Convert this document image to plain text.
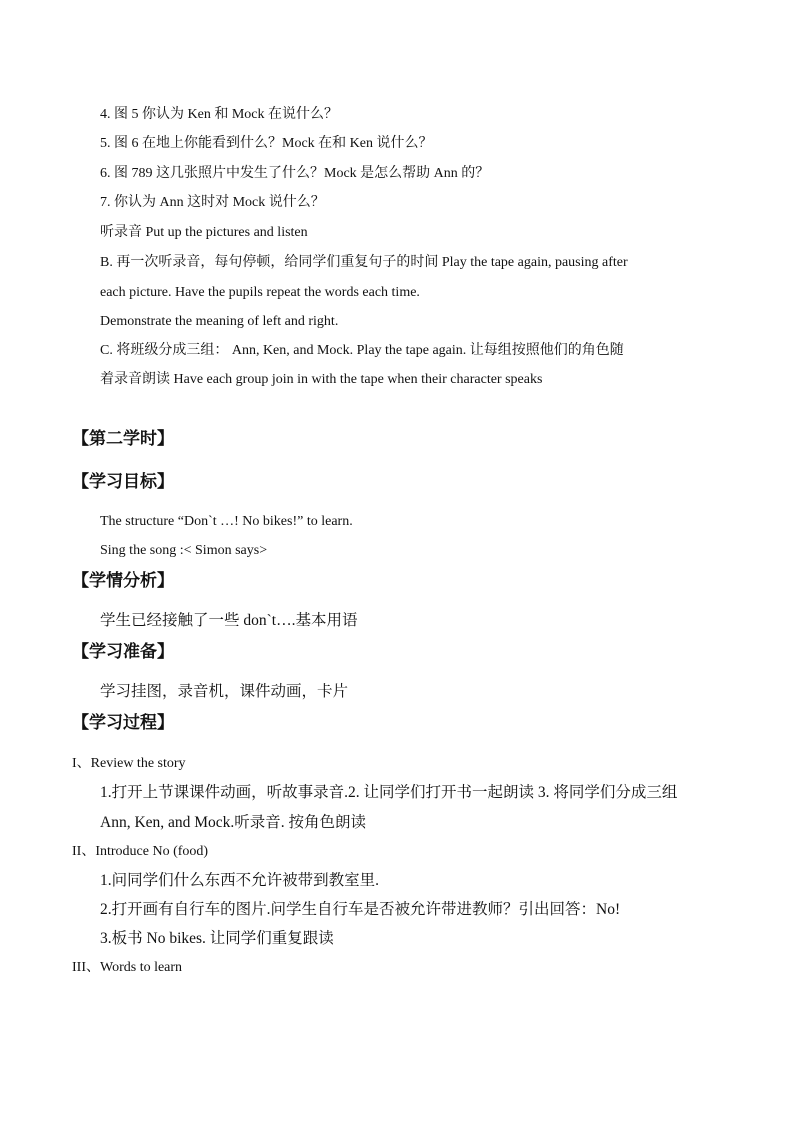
4. 图 5 你认为 Ken 和 Mock 在说什么？
5. 图 6 在地上你能看到什么？Mock 在和 Ken 说什么？
6. 图 789 这几张照片中发生了什么？Mock 是怎么帮助 Ann 的？
7. 你认为 Ann 这时对 Mock 说什么？
听录音 Put up the pictures and listen
B. 再一次听录音，每句停顿，给同学们重复句子的时间 Play the tape again, pausing after
each picture. Have the pupils repeat the words each time.
Demonstrate the meaning of left and right.
C. 将班级分成三组： Ann, Ken, and Mock. Play the tape again. 让每组按照他们的角色随
着录音朗读 Have each group join in with the tape when their character speaks
【第二学时】
【学习目标】
The structure “Don`t …! No bikes!” to learn.
Sing the song :< Simon says>
【学情分析】
学生已经接触了一些 don`t….基本用语
【学习准备】
学习挂图，录音机，课件动画，卡片
【学习过程】
I、Review the story
1.打开上节课课件动画，听故事录音.2. 让同学们打开书一起朗读 3. 将同学们分成三组
Ann, Ken, and Mock.听录音. 按角色朗读
II、Introduce No (food)
1.问同学们什么东西不允许被带到教室里.
2.打开画有自行车的图片.问学生自行车是否被允许带进教师？引出回答：No!
3.板书 No bikes. 让同学们重复跟读
III、Words to learn
